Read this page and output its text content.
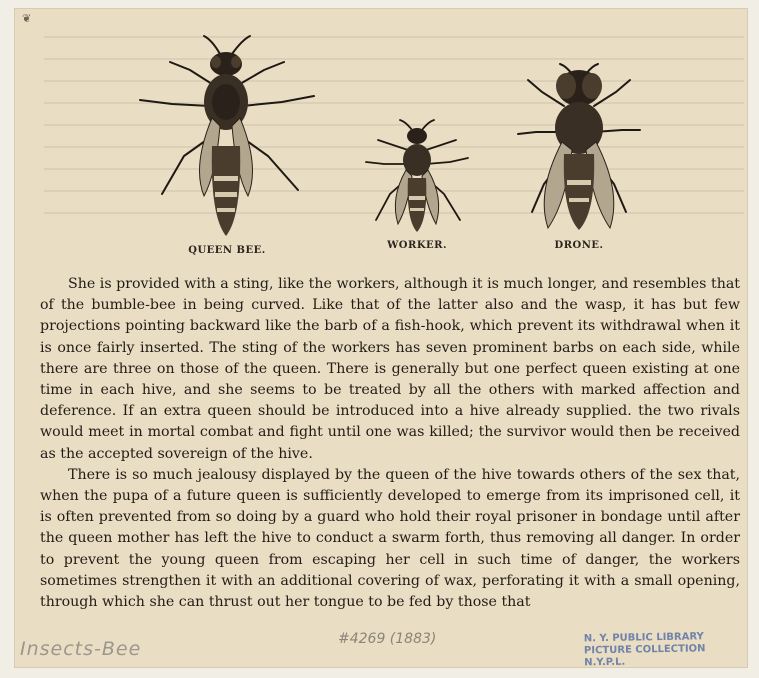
❦
QUEEN BEE.	WORKER.	DRONE.

She is provided with a sting, like the workers, although it is much longer, and resembles that of the bumble-bee in being curved. Like that of the latter also and the wasp, it has but few projections pointing backward like the barb of a fish-hook, which prevent its withdrawal when it is once fairly inserted. The sting of the workers has seven prominent barbs on each side, while there are three on those of the queen. There is generally but one perfect queen existing at one time in each hive, and she seems to be treated by all the others with marked affection and deference. If an extra queen should be introduced into a hive already supplied. the two rivals would meet in mortal combat and fight until one was killed; the survivor would then be received as the accepted sovereign of the hive.

There is so much jealousy displayed by the queen of the hive towards others of the sex that, when the pupa of a future queen is sufficiently developed to emerge from its imprisoned cell, it is often prevented from so doing by a guard who hold their royal prisoner in bondage until after the queen mother has left the hive to conduct a swarm forth, thus removing all danger. In order to prevent the young queen from escaping her cell in such time of danger, the workers sometimes strengthen it with an additional covering of wax, perforating it with a small opening, through which she can thrust out her tongue to be fed by those that

Insects-Bee	#4269 (1883)	N. Y. PUBLIC LIBRARY
PICTURE COLLECTION
N.Y.P.L.
